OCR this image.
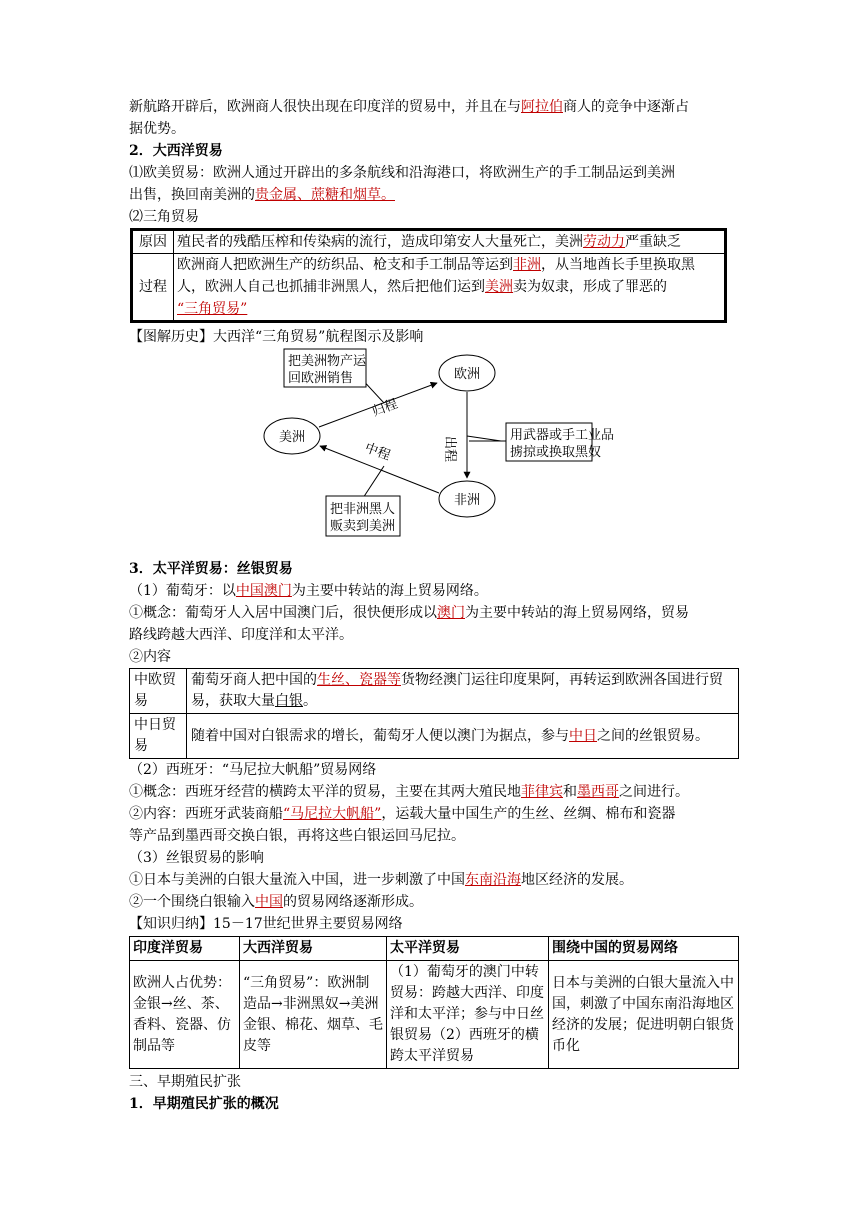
新航路开辟后，欧洲商人很快出现在印度洋的贸易中，并且在与阿拉伯商人的竞争中逐渐占
据优势。
2．大西洋贸易
⑴欧美贸易：欧洲人通过开辟出的多条航线和沿海港口，将欧洲生产的手工制品运到美洲
出售，换回南美洲的贵金属、蔗糖和烟草。
⑵三角贸易
原因	殖民者的残酷压榨和传染病的流行，造成印第安人大量死亡，美洲劳动力严重缺乏
过程	欧洲商人把欧洲生产的纺织品、枪支和手工制品等运到非洲，从当地酋长手里换取黑人，欧洲人自己也抓捕非洲黑人，然后把他们运到美洲卖为奴隶，形成了罪恶的
“三角贸易”
【图解历史】大西洋“三角贸易”航程图示及影响
欧洲
美洲
非洲
把美洲物产运
回欧洲销售
用武器或手工业品
掳掠或换取黑奴
把非洲黑人
贩卖到美洲
归程
出程
中程
3．太平洋贸易：丝银贸易
（1）葡萄牙：以中国澳门为主要中转站的海上贸易网络。
①概念：葡萄牙人入居中国澳门后，很快便形成以澳门为主要中转站的海上贸易网络，贸易
路线跨越大西洋、印度洋和太平洋。
②内容
中欧贸易	葡萄牙商人把中国的生丝、瓷器等货物经澳门运往印度果阿，再转运到欧洲各国进行贸易，获取大量白银。
中日贸易	随着中国对白银需求的增长，葡萄牙人便以澳门为据点，参与中日之间的丝银贸易。
（2）西班牙：“马尼拉大帆船”贸易网络
①概念：西班牙经营的横跨太平洋的贸易，主要在其两大殖民地菲律宾和墨西哥之间进行。
②内容：西班牙武装商船“马尼拉大帆船”，运载大量中国生产的生丝、丝绸、棉布和瓷器
等产品到墨西哥交换白银，再将这些白银运回马尼拉。
（3）丝银贸易的影响
①日本与美洲的白银大量流入中国，进一步刺激了中国东南沿海地区经济的发展。
②一个围绕白银输入中国的贸易网络逐渐形成。
【知识归纳】15－17世纪世界主要贸易网络
印度洋贸易	大西洋贸易	太平洋贸易	围绕中国的贸易网络
欧洲人占优势：金银→丝、茶、香料、瓷器、仿制品等	“三角贸易”：欧洲制造品→非洲黑奴→美洲金银、棉花、烟草、毛皮等	（1）葡萄牙的澳门中转贸易：跨越大西洋、印度洋和太平洋；参与中日丝银贸易（2）西班牙的横跨太平洋贸易	日本与美洲的白银大量流入中国，刺激了中国东南沿海地区经济的发展；促进明朝白银货币化
三、早期殖民扩张
1．早期殖民扩张的概况
